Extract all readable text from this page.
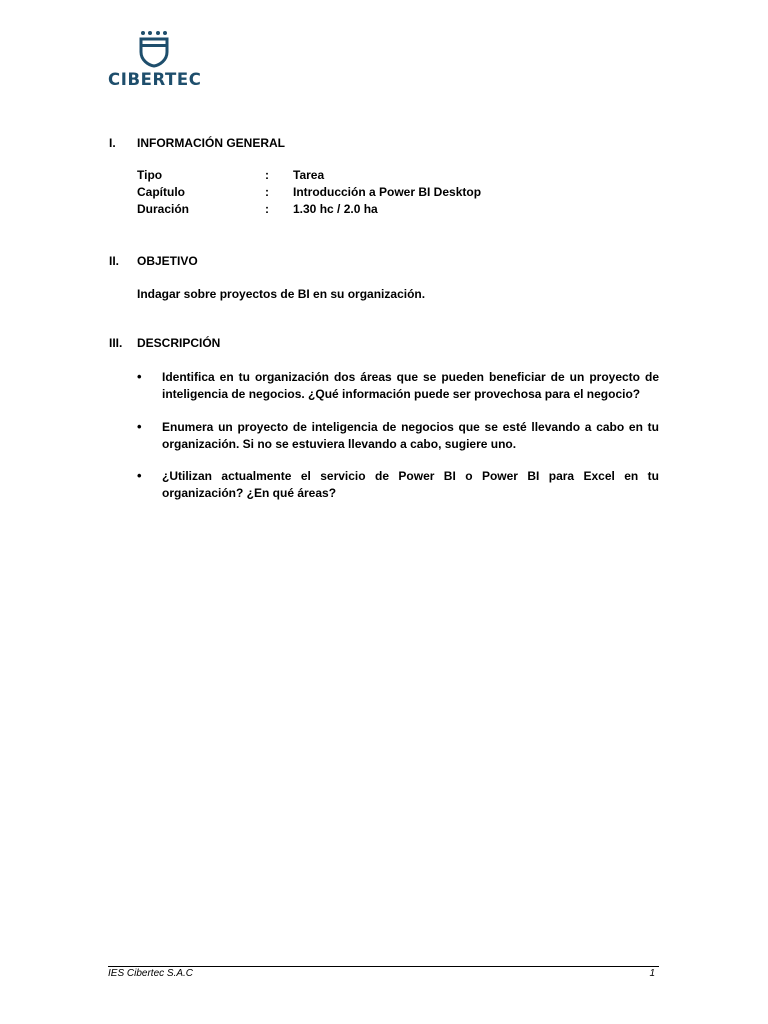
CIBERTEC
I. INFORMACIÓN GENERAL
Tipo	: Tarea
Capítulo	: Introducción a Power BI Desktop
Duración	: 1.30 hc / 2.0 ha
II. OBJETIVO
Indagar sobre proyectos de BI en su organización.
III. DESCRIPCIÓN
• Identifica en tu organización dos áreas que se pueden beneficiar de un proyecto de inteligencia de negocios. ¿Qué información puede ser provechosa para el negocio?
• Enumera un proyecto de inteligencia de negocios que se esté llevando a cabo en tu organización. Si no se estuviera llevando a cabo, sugiere uno.
• ¿Utilizan actualmente el servicio de Power BI o Power BI para Excel en tu organización? ¿En qué áreas?
IES Cibertec S.A.C	1
